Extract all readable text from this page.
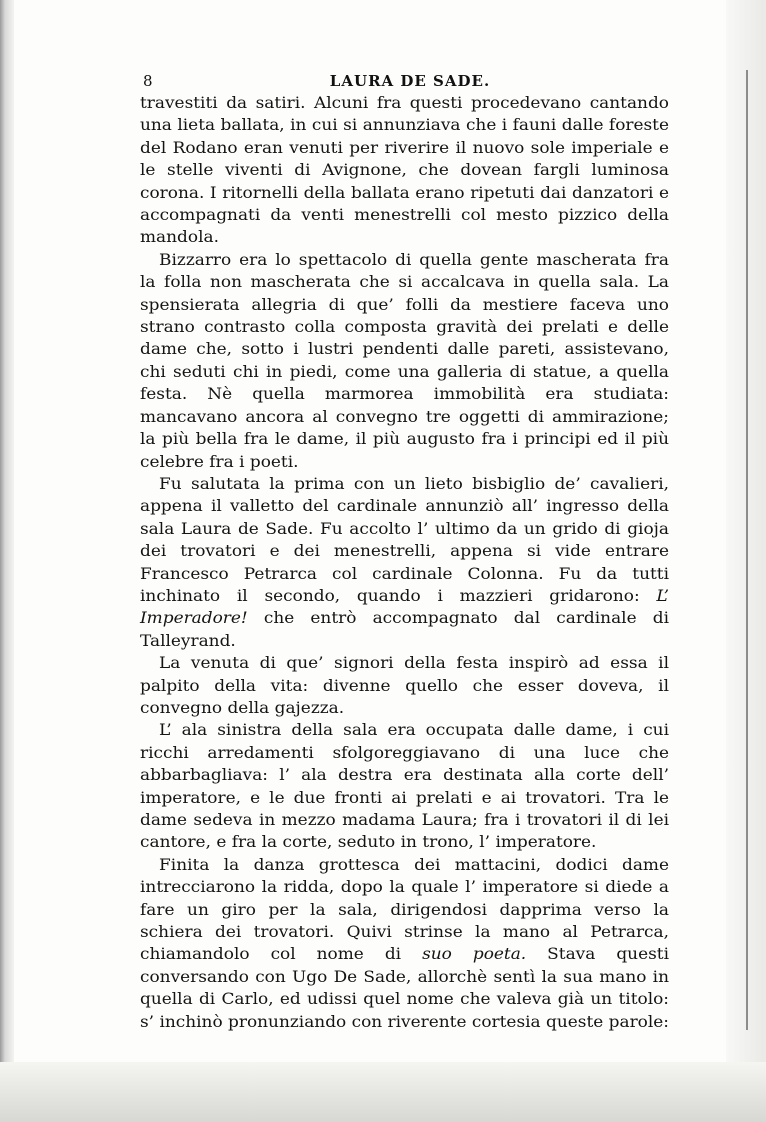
8	LAURA DE SADE.

travestiti da satiri. Alcuni fra questi procedevano cantando una lieta ballata, in cui si annunziava che i fauni dalle foreste del Rodano eran venuti per riverire il nuovo sole imperiale e le stelle viventi di Avignone, che dovean fargli luminosa corona. I ritornelli della ballata erano ripetuti dai danzatori e accompagnati da venti menestrelli col mesto pizzico della mandola.

Bizzarro era lo spettacolo di quella gente mascherata fra la folla non mascherata che si accalcava in quella sala. La spensierata allegria di que’ folli da mestiere faceva uno strano contrasto colla composta gravità dei prelati e delle dame che, sotto i lustri pendenti dalle pareti, assistevano, chi seduti chi in piedi, come una galleria di statue, a quella festa. Nè quella marmorea immobilità era studiata: mancavano ancora al convegno tre oggetti di ammirazione; la più bella fra le dame, il più augusto fra i principi ed il più celebre fra i poeti.

Fu salutata la prima con un lieto bisbiglio de’ cavalieri, appena il valletto del cardinale annunziò all’ ingresso della sala Laura de Sade. Fu accolto l’ ultimo da un grido di gioja dei trovatori e dei menestrelli, appena si vide entrare Francesco Petrarca col cardinale Colonna. Fu da tutti inchinato il secondo, quando i mazzieri gridarono: L’ Imperadore! che entrò accompagnato dal cardinale di Talleyrand.

La venuta di que’ signori della festa inspirò ad essa il palpito della vita: divenne quello che esser doveva, il convegno della gajezza.

L’ ala sinistra della sala era occupata dalle dame, i cui ricchi arredamenti sfolgoreggiavano di una luce che abbarbagliava: l’ ala destra era destinata alla corte dell’ imperatore, e le due fronti ai prelati e ai trovatori. Tra le dame sedeva in mezzo madama Laura; fra i trovatori il di lei cantore, e fra la corte, seduto in trono, l’ imperatore.

Finita la danza grottesca dei mattacini, dodici dame intrecciarono la ridda, dopo la quale l’ imperatore si diede a fare un giro per la sala, dirigendosi dapprima verso la schiera dei trovatori. Quivi strinse la mano al Petrarca, chiamandolo col nome di suo poeta. Stava questi conversando con Ugo De Sade, allorchè sentì la sua mano in quella di Carlo, ed udissi quel nome che valeva già un titolo: s’ inchinò pronunziando con riverente cortesia queste parole:
